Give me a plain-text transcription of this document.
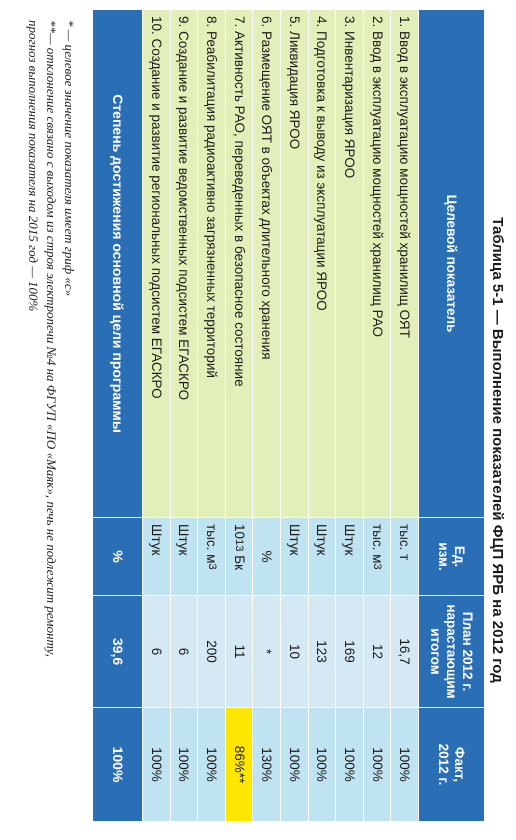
Таблица 5-1 — Выполнение показателей ФЦП ЯРБ на 2012 год
Целевой показатель
Ед.
изм.
План 2012 г.
нарастающим
итогом
Факт,
2012 г.
1. Ввод в эксплуатацию мощностей хранилищ ОЯТ
тыс. т
16,7
100%
2. Ввод в эксплуатацию мощностей хранилищ РАО
тыс. м
3
12
100%
3. Инвентаризация ЯРОО
Штук
169
100%
4. Подготовка к выводу из эксплуатации ЯРОО
Штук
123
100%
5. Ликвидация ЯРОО
Штук
10
100%
6. Размещение ОЯТ в объектах длительного хранения
%
*
130%
7. Активность РАО, переведенных в безопасное состояние
10
13
Бк
11
86%**
8. Реабилитация радиоактивно загрязненных территорий
тыс. м
3
200
100%
9. Создание и развитие ведомственных подсистем ЕГАСКРО
Штук
6
100%
10. Создание и развитие региональных подсистем ЕГАСКРО
Штук
6
100%
Степень достижения основной цели программы
%
39,6
100%
* — целевое значение показателя имеет гриф «с»
**— отклонение связано с выходом из строя электропечи №4 на ФГУП «ПО «Маяк», печь не подлежит ремонту,
прогноз выполнения показателя на 2015 год — 100%
